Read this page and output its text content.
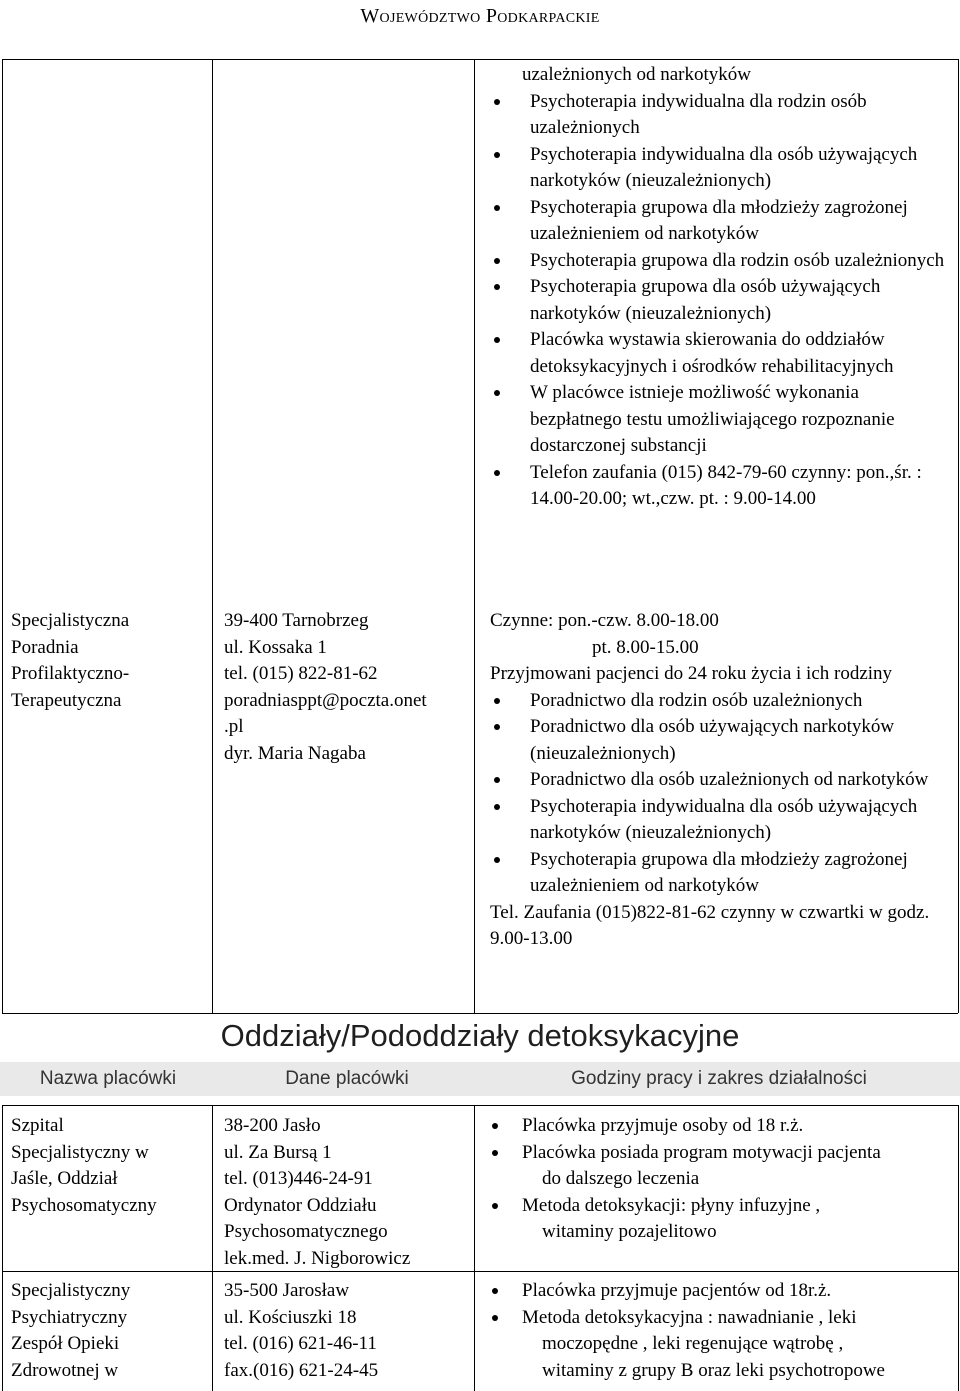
Województwo Podkarpackie
uzależnionych od narkotyków
Psychoterapia indywidualna dla rodzin osób uzależnionych
Psychoterapia indywidualna dla osób używających narkotyków (nieuzależnionych)
Psychoterapia grupowa dla młodzieży zagrożonej uzależnieniem od narkotyków
Psychoterapia grupowa dla rodzin osób uzależnionych
Psychoterapia grupowa dla osób używających narkotyków (nieuzależnionych)
Placówka wystawia skierowania do oddziałów detoksykacyjnych i ośrodków rehabilitacyjnych
W placówce istnieje możliwość wykonania bezpłatnego testu umożliwiającego rozpoznanie dostarczonej substancji
Telefon zaufania (015) 842-79-60 czynny: pon.,śr. : 14.00-20.00; wt.,czw. pt. : 9.00-14.00
Specjalistyczna
Poradnia
Profilaktyczno-
Terapeutyczna
39-400 Tarnobrzeg
ul. Kossaka 1
tel. (015) 822-81-62
poradniasppt@poczta.onet
.pl
dyr. Maria Nagaba
Czynne: pon.-czw. 8.00-18.00
pt. 8.00-15.00
Przyjmowani pacjenci do 24 roku życia i ich rodziny
Poradnictwo dla rodzin osób uzależnionych
Poradnictwo dla osób używających narkotyków (nieuzależnionych)
Poradnictwo dla osób uzależnionych od narkotyków
Psychoterapia indywidualna dla osób używających narkotyków (nieuzależnionych)
Psychoterapia grupowa dla młodzieży zagrożonej uzależnieniem od narkotyków
Tel. Zaufania (015)822-81-62 czynny w czwartki w godz. 9.00-13.00
Oddziały/Pododdziały detoksykacyjne
Nazwa placówki	Dane placówki	Godziny pracy i zakres działalności
Szpital
Specjalistyczny w
Jaśle, Oddział
Psychosomatyczny
38-200 Jasło
ul. Za Bursą 1
tel. (013)446-24-91
Ordynator Oddziału
Psychosomatycznego
lek.med. J. Nigborowicz
Placówka przyjmuje osoby od 18 r.ż.
Placówka posiada program motywacji pacjenta
do dalszego leczenia
Metoda detoksykacji: płyny infuzyjne ,
witaminy pozajelitowo
Specjalistyczny
Psychiatryczny
Zespół Opieki
Zdrowotnej w
35-500 Jarosław
ul. Kościuszki 18
tel. (016) 621-46-11
fax.(016) 621-24-45
Placówka przyjmuje pacjentów od 18r.ż.
Metoda detoksykacyjna : nawadnianie , leki
moczopędne , leki regenujące wątrobę ,
witaminy z grupy B oraz leki psychotropowe
